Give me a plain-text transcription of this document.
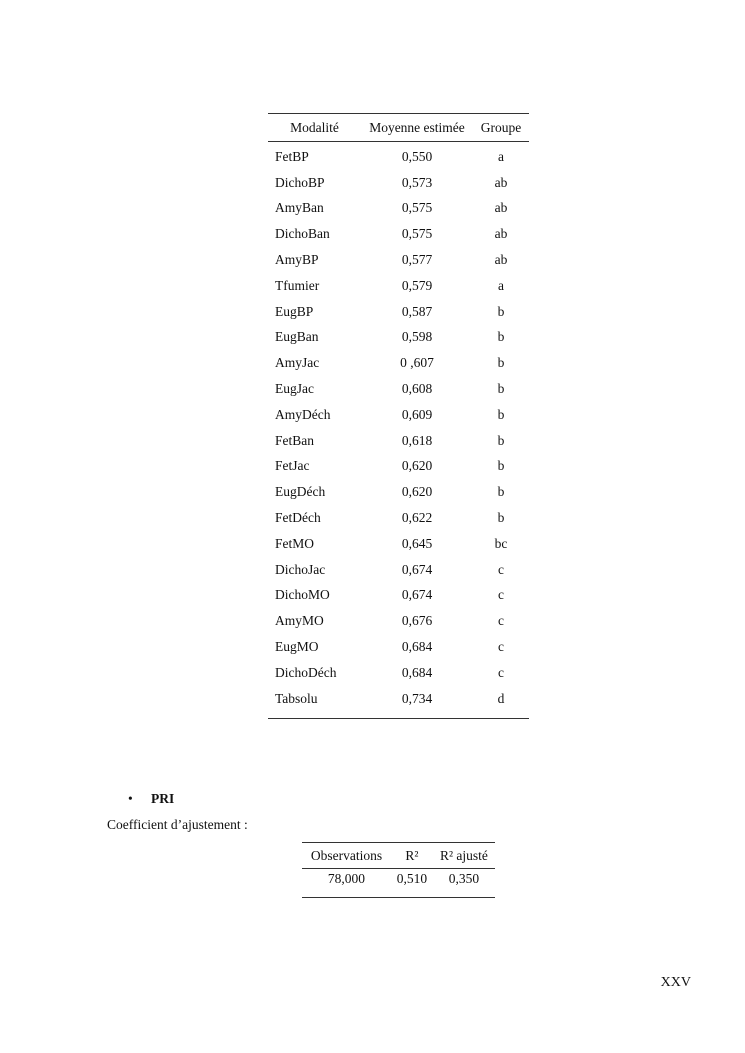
Modalité	Moyenne estimée	Groupe
FetBP	0,550	a
DichoBP	0,573	ab
AmyBan	0,575	ab
DichoBan	0,575	ab
AmyBP	0,577	ab
Tfumier	0,579	a
EugBP	0,587	b
EugBan	0,598	b
AmyJac	0 ,607	b
EugJac	0,608	b
AmyDéch	0,609	b
FetBan	0,618	b
FetJac	0,620	b
EugDéch	0,620	b
FetDéch	0,622	b
FetMO	0,645	bc
DichoJac	0,674	c
DichoMO	0,674	c
AmyMO	0,676	c
EugMO	0,684	c
DichoDéch	0,684	c
Tabsolu	0,734	d
• PRI
Coefficient d’ajustement :
Observations	R²	R² ajusté
78,000	0,510	0,350
XXV
